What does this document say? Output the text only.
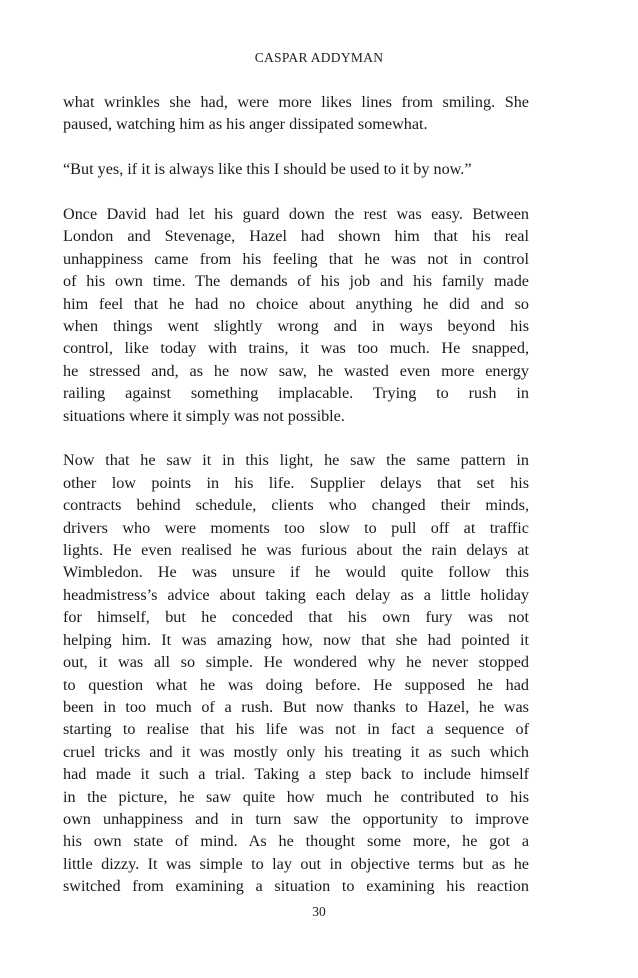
CASPAR ADDYMAN

what wrinkles she had, were more likes lines from smiling. She
paused, watching him as his anger dissipated somewhat.

“But yes, if it is always like this I should be used to it by now.”

Once David had let his guard down the rest was easy. Between
London and Stevenage, Hazel had shown him that his real
unhappiness came from his feeling that he was not in control
of his own time. The demands of his job and his family made
him feel that he had no choice about anything he did and so
when things went slightly wrong and in ways beyond his
control, like today with trains, it was too much. He snapped,
he stressed and, as he now saw, he wasted even more energy
railing against something implacable. Trying to rush in
situations where it simply was not possible.

Now that he saw it in this light, he saw the same pattern in
other low points in his life. Supplier delays that set his
contracts behind schedule, clients who changed their minds,
drivers who were moments too slow to pull off at traffic
lights. He even realised he was furious about the rain delays at
Wimbledon. He was unsure if he would quite follow this
headmistress’s advice about taking each delay as a little holiday
for himself, but he conceded that his own fury was not
helping him. It was amazing how, now that she had pointed it
out, it was all so simple. He wondered why he never stopped
to question what he was doing before. He supposed he had
been in too much of a rush. But now thanks to Hazel, he was
starting to realise that his life was not in fact a sequence of
cruel tricks and it was mostly only his treating it as such which
had made it such a trial. Taking a step back to include himself
in the picture, he saw quite how much he contributed to his
own unhappiness and in turn saw the opportunity to improve
his own state of mind. As he thought some more, he got a
little dizzy. It was simple to lay out in objective terms but as he
switched from examining a situation to examining his reaction

30
